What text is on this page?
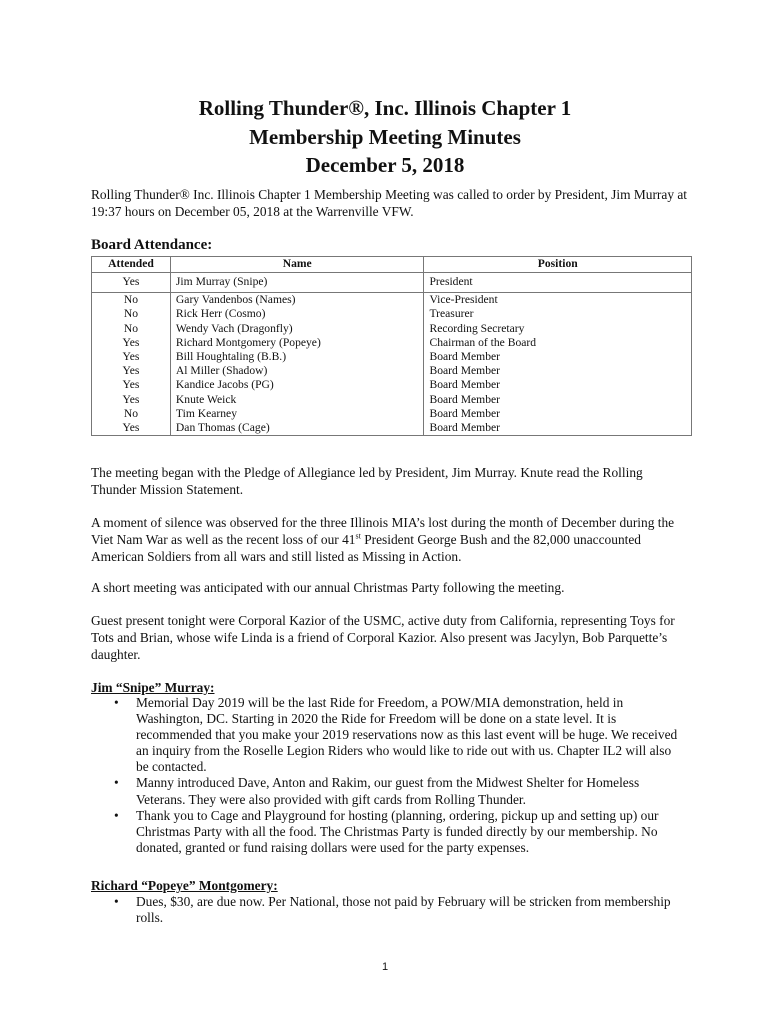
Rolling Thunder®, Inc. Illinois Chapter 1
Membership Meeting Minutes
December 5, 2018

Rolling Thunder® Inc. Illinois Chapter 1 Membership Meeting was called to order by President, Jim Murray at 19:37 hours on December 05, 2018 at the Warrenville VFW.

Board Attendance:
Attended	Name	Position
Yes	Jim Murray (Snipe)	President
No	Gary Vandenbos (Names)	Vice-President
No	Rick Herr (Cosmo)	Treasurer
No	Wendy Vach (Dragonfly)	Recording Secretary
Yes	Richard Montgomery (Popeye)	Chairman of the Board
Yes	Bill Houghtaling (B.B.)	Board Member
Yes	Al Miller (Shadow)	Board Member
Yes	Kandice Jacobs (PG)	Board Member
Yes	Knute Weick	Board Member
No	Tim Kearney	Board Member
Yes	Dan Thomas (Cage)	Board Member

The meeting began with the Pledge of Allegiance led by President, Jim Murray. Knute read the Rolling Thunder Mission Statement.

A moment of silence was observed for the three Illinois MIA’s lost during the month of December during the Viet Nam War as well as the recent loss of our 41st President George Bush and the 82,000 unaccounted American Soldiers from all wars and still listed as Missing in Action.

A short meeting was anticipated with our annual Christmas Party following the meeting.

Guest present tonight were Corporal Kazior of the USMC, active duty from California, representing Toys for Tots and Brian, whose wife Linda is a friend of Corporal Kazior. Also present was Jacylyn, Bob Parquette’s daughter.

Jim “Snipe” Murray:
• Memorial Day 2019 will be the last Ride for Freedom, a POW/MIA demonstration, held in Washington, DC. Starting in 2020 the Ride for Freedom will be done on a state level. It is recommended that you make your 2019 reservations now as this last event will be huge. We received an inquiry from the Roselle Legion Riders who would like to ride out with us. Chapter IL2 will also be contacted.
• Manny introduced Dave, Anton and Rakim, our guest from the Midwest Shelter for Homeless Veterans. They were also provided with gift cards from Rolling Thunder.
• Thank you to Cage and Playground for hosting (planning, ordering, pickup up and setting up) our Christmas Party with all the food. The Christmas Party is funded directly by our membership. No donated, granted or fund raising dollars were used for the party expenses.
Richard “Popeye” Montgomery:
• Dues, $30, are due now. Per National, those not paid by February will be stricken from membership rolls.
1
